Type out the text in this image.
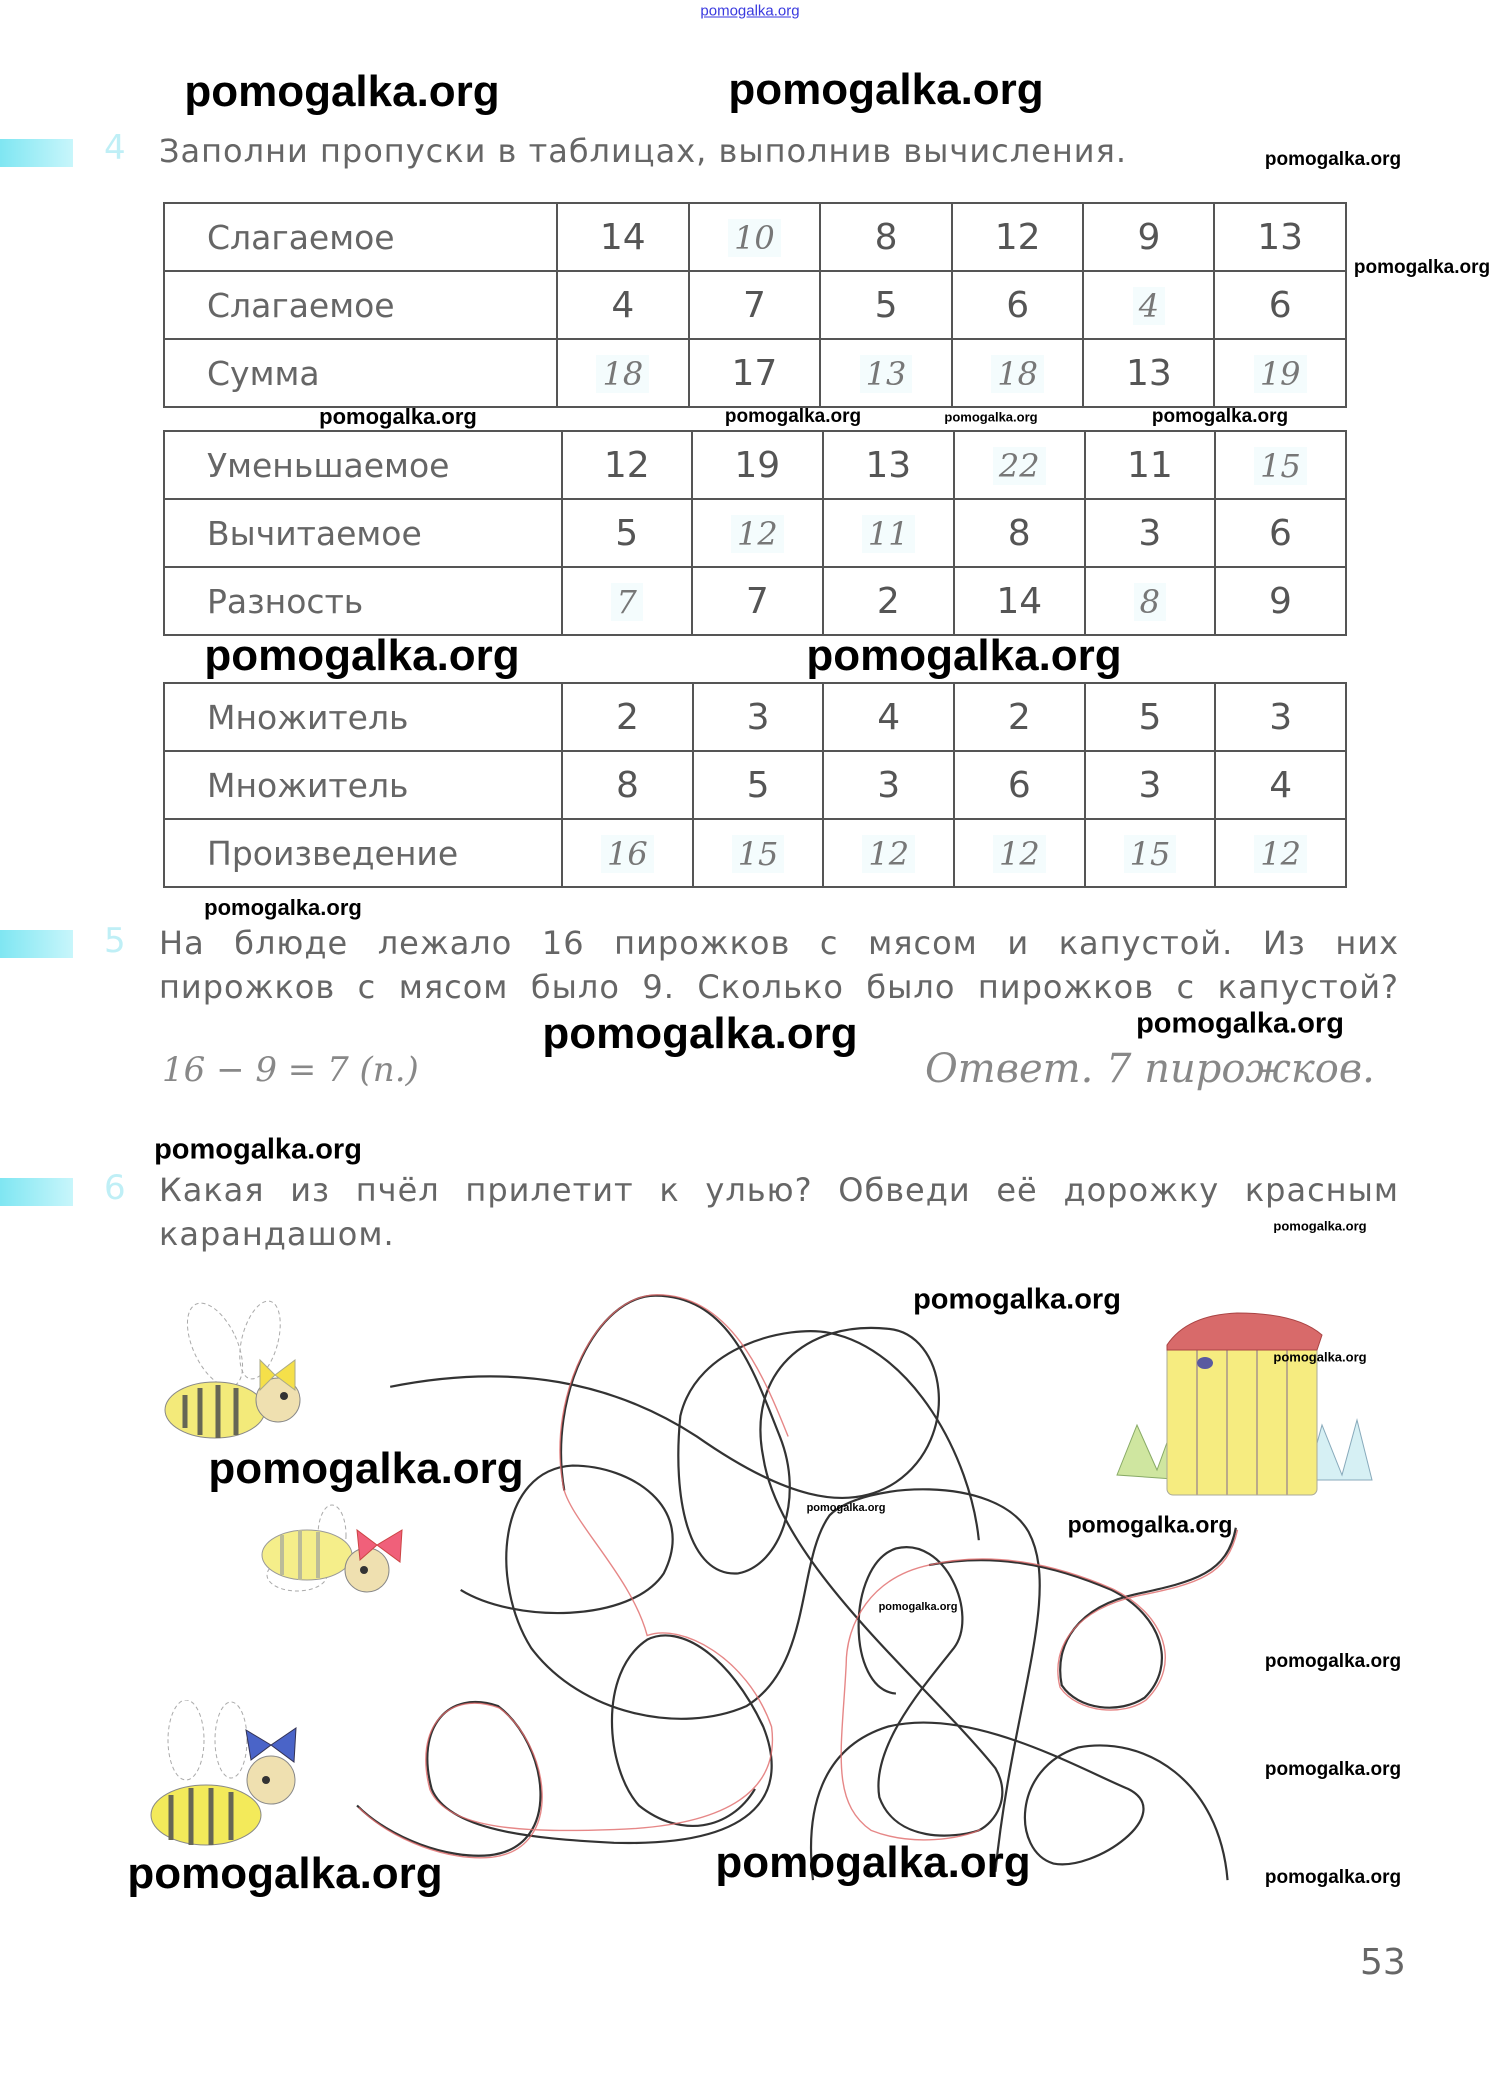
pomogalka.org
4 Заполни пропуски в таблицах, выполнив вычисления.
Слагаемое	14	10	8	12	9	13
Слагаемое	4	7	5	6	4	6
Сумма	18	17	13	18	13	19
Уменьшаемое	12	19	13	22	11	15
Вычитаемое	5	12	11	8	3	6
Разность	7	7	2	14	8	9
Множитель	2	3	4	2	5	3
Множитель	8	5	3	6	3	4
Произведение	16	15	12	12	15	12
5 На блюде лежало 16 пирожков с мясом и капустой. Из них
пирожков с мясом было 9. Сколько было пирожков с капустой?
16 − 9 = 7 (п.)	Ответ. 7 пирожков.
6 Какая из пчёл прилетит к улью? Обведи её дорожку красным
карандашом.
pomogalka.org	pomogalka.org
pomogalka.org
pomogalka.org
pomogalka.org	pomogalka.org	pomogalka.org	pomogalka.org
pomogalka.org	pomogalka.org
pomogalka.org
pomogalka.org	pomogalka.org
pomogalka.org
pomogalka.org
pomogalka.org
pomogalka.org
pomogalka.org
pomogalka.org
pomogalka.org
pomogalka.org
pomogalka.org
pomogalka.org
pomogalka.org
pomogalka.org	pomogalka.org
53
